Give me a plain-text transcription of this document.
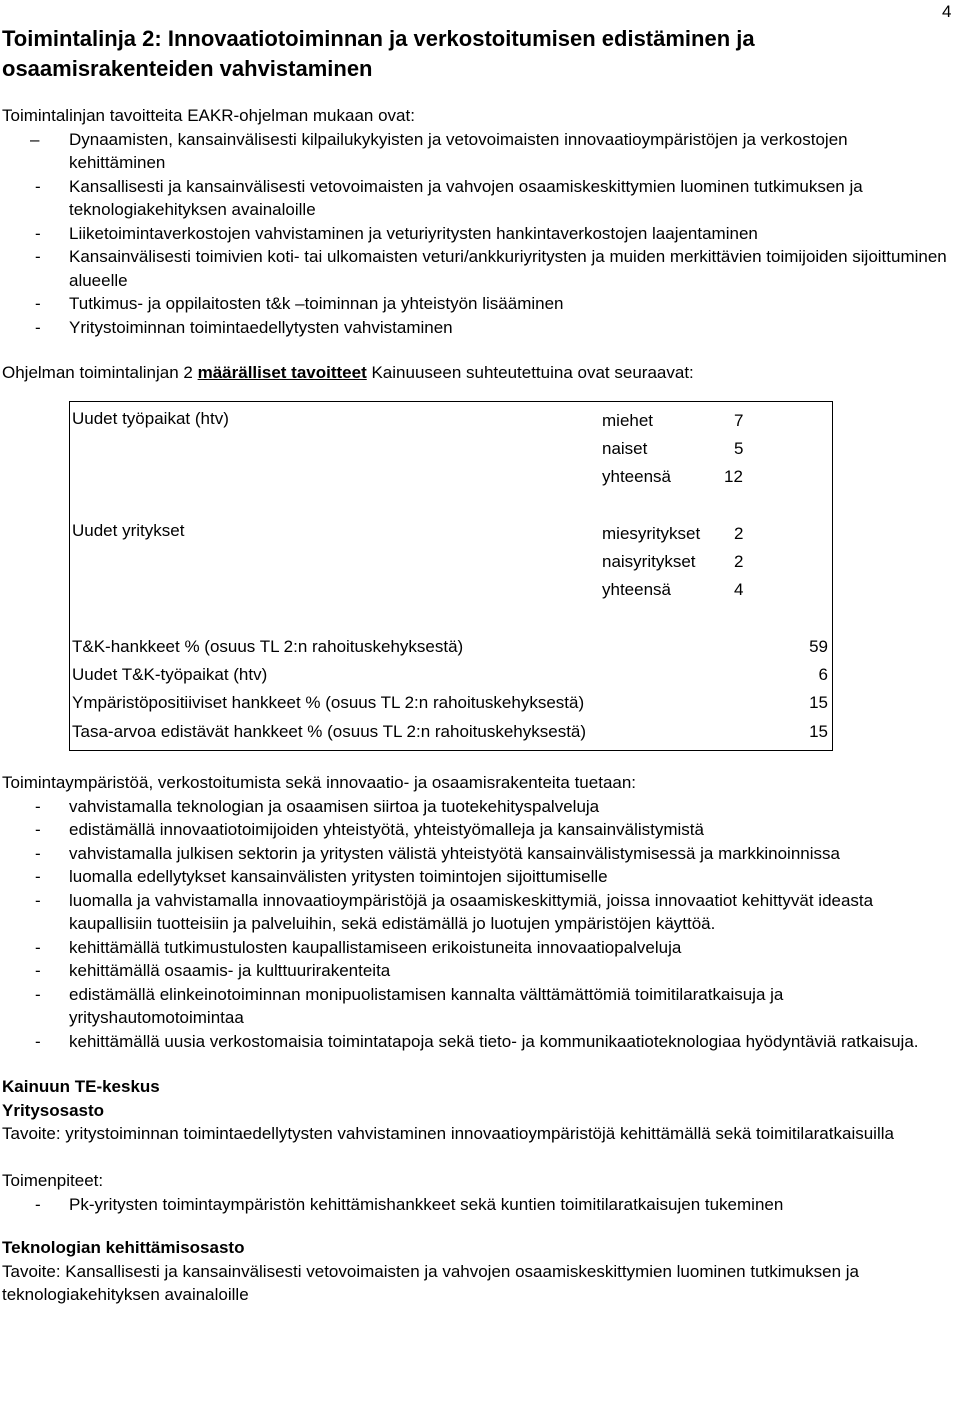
4
Toimintalinja 2: Innovaatiotoiminnan ja verkostoitumisen edistäminen ja osaamisrakenteiden vahvistaminen

Toimintalinjan tavoitteita EAKR-ohjelman mukaan ovat:

– Dynaamisten, kansainvälisesti kilpailukykyisten ja vetovoimaisten innovaatioympäristöjen ja verkostojen kehittäminen
- Kansallisesti ja kansainvälisesti vetovoimaisten ja vahvojen osaamiskeskittymien luominen tutkimuksen ja teknologiakehityksen avainaloille
- Liiketoimintaverkostojen vahvistaminen ja veturiyritysten hankintaverkostojen laajentaminen
- Kansainvälisesti toimivien koti- tai ulkomaisten veturi/ankkuriyritysten ja muiden merkittävien toimijoiden sijoittuminen alueelle
- Tutkimus- ja oppilaitosten t&k –toiminnan ja yhteistyön lisääminen
- Yritystoiminnan toimintaedellytysten vahvistaminen

Ohjelman toimintalinjan 2 määrälliset tavoitteet Kainuuseen suhteutettuina ovat seuraavat:

Uudet työpaikat (htv)	miehet	7
naiset	5
yhteensä	12
Uudet yritykset	miesyritykset	2
naisyritykset	2
yhteensä	4
T&K-hankkeet % (osuus TL 2:n rahoituskehyksestä)	59
Uudet T&K-työpaikat (htv)	6
Ympäristöpositiiviset hankkeet % (osuus TL 2:n rahoituskehyksestä)	15
Tasa-arvoa edistävät hankkeet % (osuus TL 2:n rahoituskehyksestä)	15

Toimintaympäristöä, verkostoitumista sekä innovaatio- ja osaamisrakenteita tuetaan:

- vahvistamalla teknologian ja osaamisen siirtoa ja tuotekehityspalveluja
- edistämällä innovaatiotoimijoiden yhteistyötä, yhteistyömalleja ja kansainvälistymistä
- vahvistamalla julkisen sektorin ja yritysten välistä yhteistyötä kansainvälistymisessä ja markkinoinnissa
- luomalla edellytykset kansainvälisten yritysten toimintojen sijoittumiselle
- luomalla ja vahvistamalla innovaatioympäristöjä ja osaamiskeskittymiä, joissa innovaatiot kehittyvät ideasta kaupallisiin tuotteisiin ja palveluihin, sekä edistämällä jo luotujen ympäristöjen käyttöä.
- kehittämällä tutkimustulosten kaupallistamiseen erikoistuneita innovaatiopalveluja
- kehittämällä osaamis- ja kulttuurirakenteita
- edistämällä elinkeinotoiminnan monipuolistamisen kannalta välttämättömiä toimitilaratkaisuja ja yrityshautomotoimintaa
- kehittämällä uusia verkostomaisia toimintatapoja sekä tieto- ja kommunikaatioteknologiaa hyödyntäviä ratkaisuja.

Kainuun TE-keskus

Yritysosasto

Tavoite: yritystoiminnan toimintaedellytysten vahvistaminen innovaatioympäristöjä kehittämällä sekä toimitilaratkaisuilla

Toimenpiteet:

- Pk-yritysten toimintaympäristön kehittämishankkeet sekä kuntien toimitilaratkaisujen tukeminen

Teknologian kehittämisosasto

Tavoite: Kansallisesti ja kansainvälisesti vetovoimaisten ja vahvojen osaamiskeskittymien luominen tutkimuksen ja teknologiakehityksen avainaloille
